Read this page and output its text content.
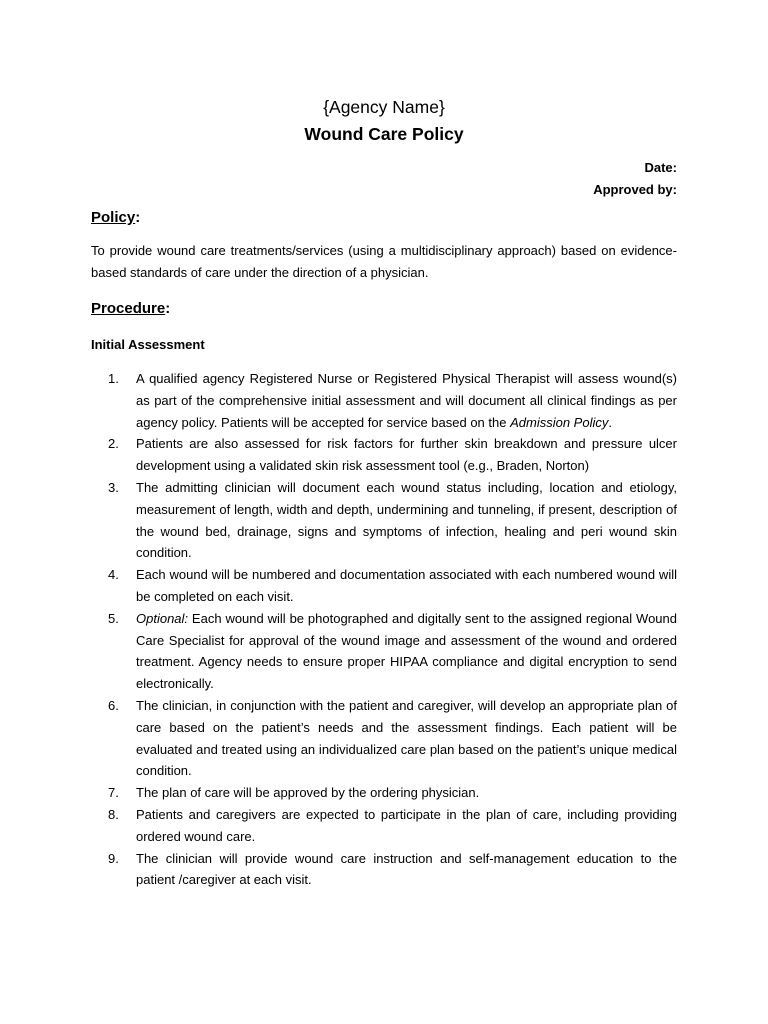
{Agency Name}
Wound Care Policy
Date:
Approved by:
Policy:
To provide wound care treatments/services (using a multidisciplinary approach) based on evidence-based standards of care under the direction of a physician.
Procedure:
Initial Assessment
1. A qualified agency Registered Nurse or Registered Physical Therapist will assess wound(s) as part of the comprehensive initial assessment and will document all clinical findings as per agency policy. Patients will be accepted for service based on the Admission Policy.
2. Patients are also assessed for risk factors for further skin breakdown and pressure ulcer development using a validated skin risk assessment tool (e.g., Braden, Norton)
3. The admitting clinician will document each wound status including, location and etiology, measurement of length, width and depth, undermining and tunneling, if present, description of the wound bed, drainage, signs and symptoms of infection, healing and peri wound skin condition.
4. Each wound will be numbered and documentation associated with each numbered wound will be completed on each visit.
5. Optional: Each wound will be photographed and digitally sent to the assigned regional Wound Care Specialist for approval of the wound image and assessment of the wound and ordered treatment. Agency needs to ensure proper HIPAA compliance and digital encryption to send electronically.
6. The clinician, in conjunction with the patient and caregiver, will develop an appropriate plan of care based on the patient’s needs and the assessment findings. Each patient will be evaluated and treated using an individualized care plan based on the patient’s unique medical condition.
7. The plan of care will be approved by the ordering physician.
8. Patients and caregivers are expected to participate in the plan of care, including providing ordered wound care.
9. The clinician will provide wound care instruction and self-management education to the patient /caregiver at each visit.
